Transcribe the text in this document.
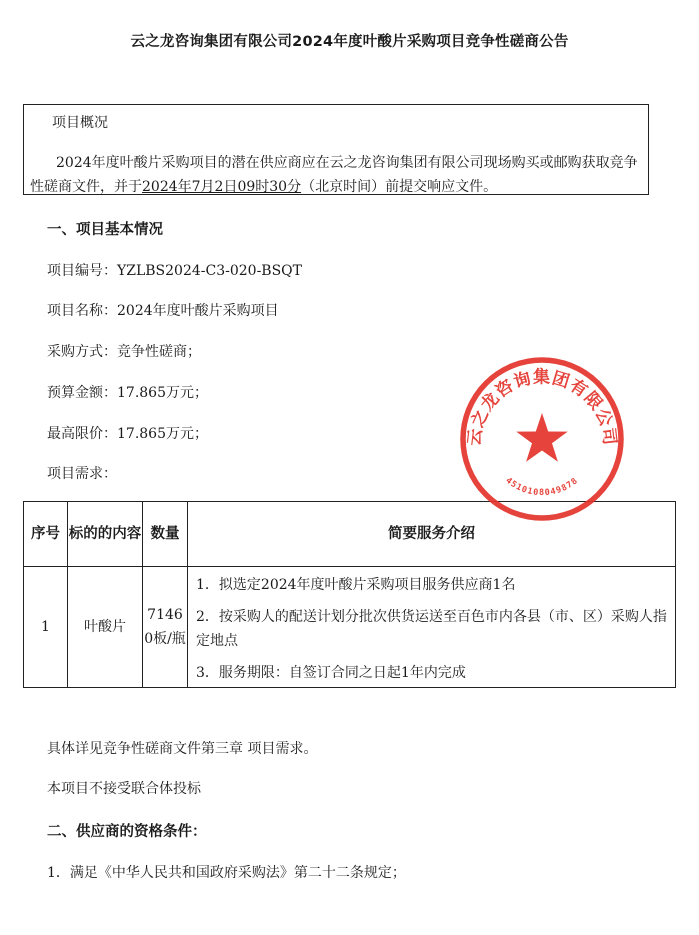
云之龙咨询集团有限公司2024年度叶酸片采购项目竞争性磋商公告
项目概况
2024年度叶酸片采购项目的潜在供应商应在云之龙咨询集团有限公司现场购买或邮购获取竞争性磋商文件，并于2024年7月2日09时30分（北京时间）前提交响应文件。
一、项目基本情况
项目编号：YZLBS2024-C3-020-BSQT
项目名称：2024年度叶酸片采购项目
采购方式：竞争性磋商；
预算金额：17.865万元；
最高限价：17.865万元；
项目需求：
序号	标的的内容	数量	简要服务介绍
1	叶酸片	71460板/瓶	1．拟选定2024年度叶酸片采购项目服务供应商1名

2．按采购人的配送计划分批次供货运送至百色市内各县（市、区）采购人指定地点

3．服务期限：自签订合同之日起1年内完成

具体详见竞争性磋商文件第三章 项目需求。
本项目不接受联合体投标
二、供应商的资格条件：
1．满足《中华人民共和国政府采购法》第二十二条规定；
云之龙咨询集团有限公司
4510108049878
